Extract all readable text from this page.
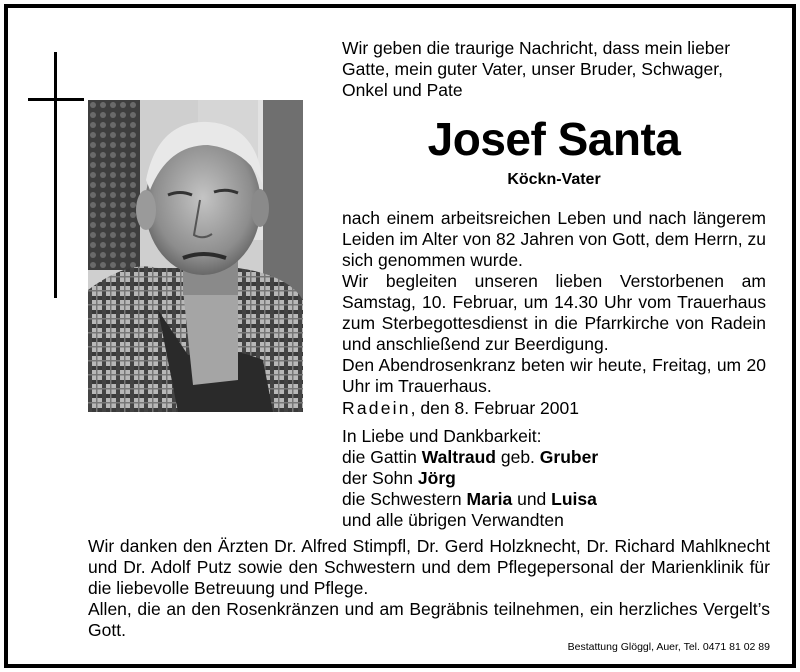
Wir geben die traurige Nachricht, dass mein lieber

Gatte, mein guter Vater, unser Bruder, Schwager,

Onkel und Pate

Josef Santa
Köckn-Vater

nach einem arbeitsreichen Leben und nach längerem Leiden im Alter von 82 Jahren von Gott, dem Herrn, zu sich genommen wurde.

Wir begleiten unseren lieben Verstorbenen am Samstag, 10. Februar, um 14.30 Uhr vom Trauerhaus zum Sterbegottesdienst in die Pfarrkirche von Radein und anschließend zur Beerdigung.

Den Abendrosenkranz beten wir heute, Freitag, um 20 Uhr im Trauerhaus.

Radein, den 8. Februar 2001

In Liebe und Dankbarkeit:

die Gattin Waltraud geb. Gruber

der Sohn Jörg

die Schwestern Maria und Luisa

und alle übrigen Verwandten

Wir danken den Ärzten Dr. Alfred Stimpfl, Dr. Gerd Holzknecht, Dr. Richard Mahlknecht und Dr. Adolf Putz sowie den Schwestern und dem Pflegepersonal der Marienklinik für die liebevolle Betreuung und Pflege.

Allen, die an den Rosenkränzen und am Begräbnis teilnehmen, ein herzliches Vergelt’s Gott.

Bestattung Glöggl, Auer, Tel. 0471 81 02 89
